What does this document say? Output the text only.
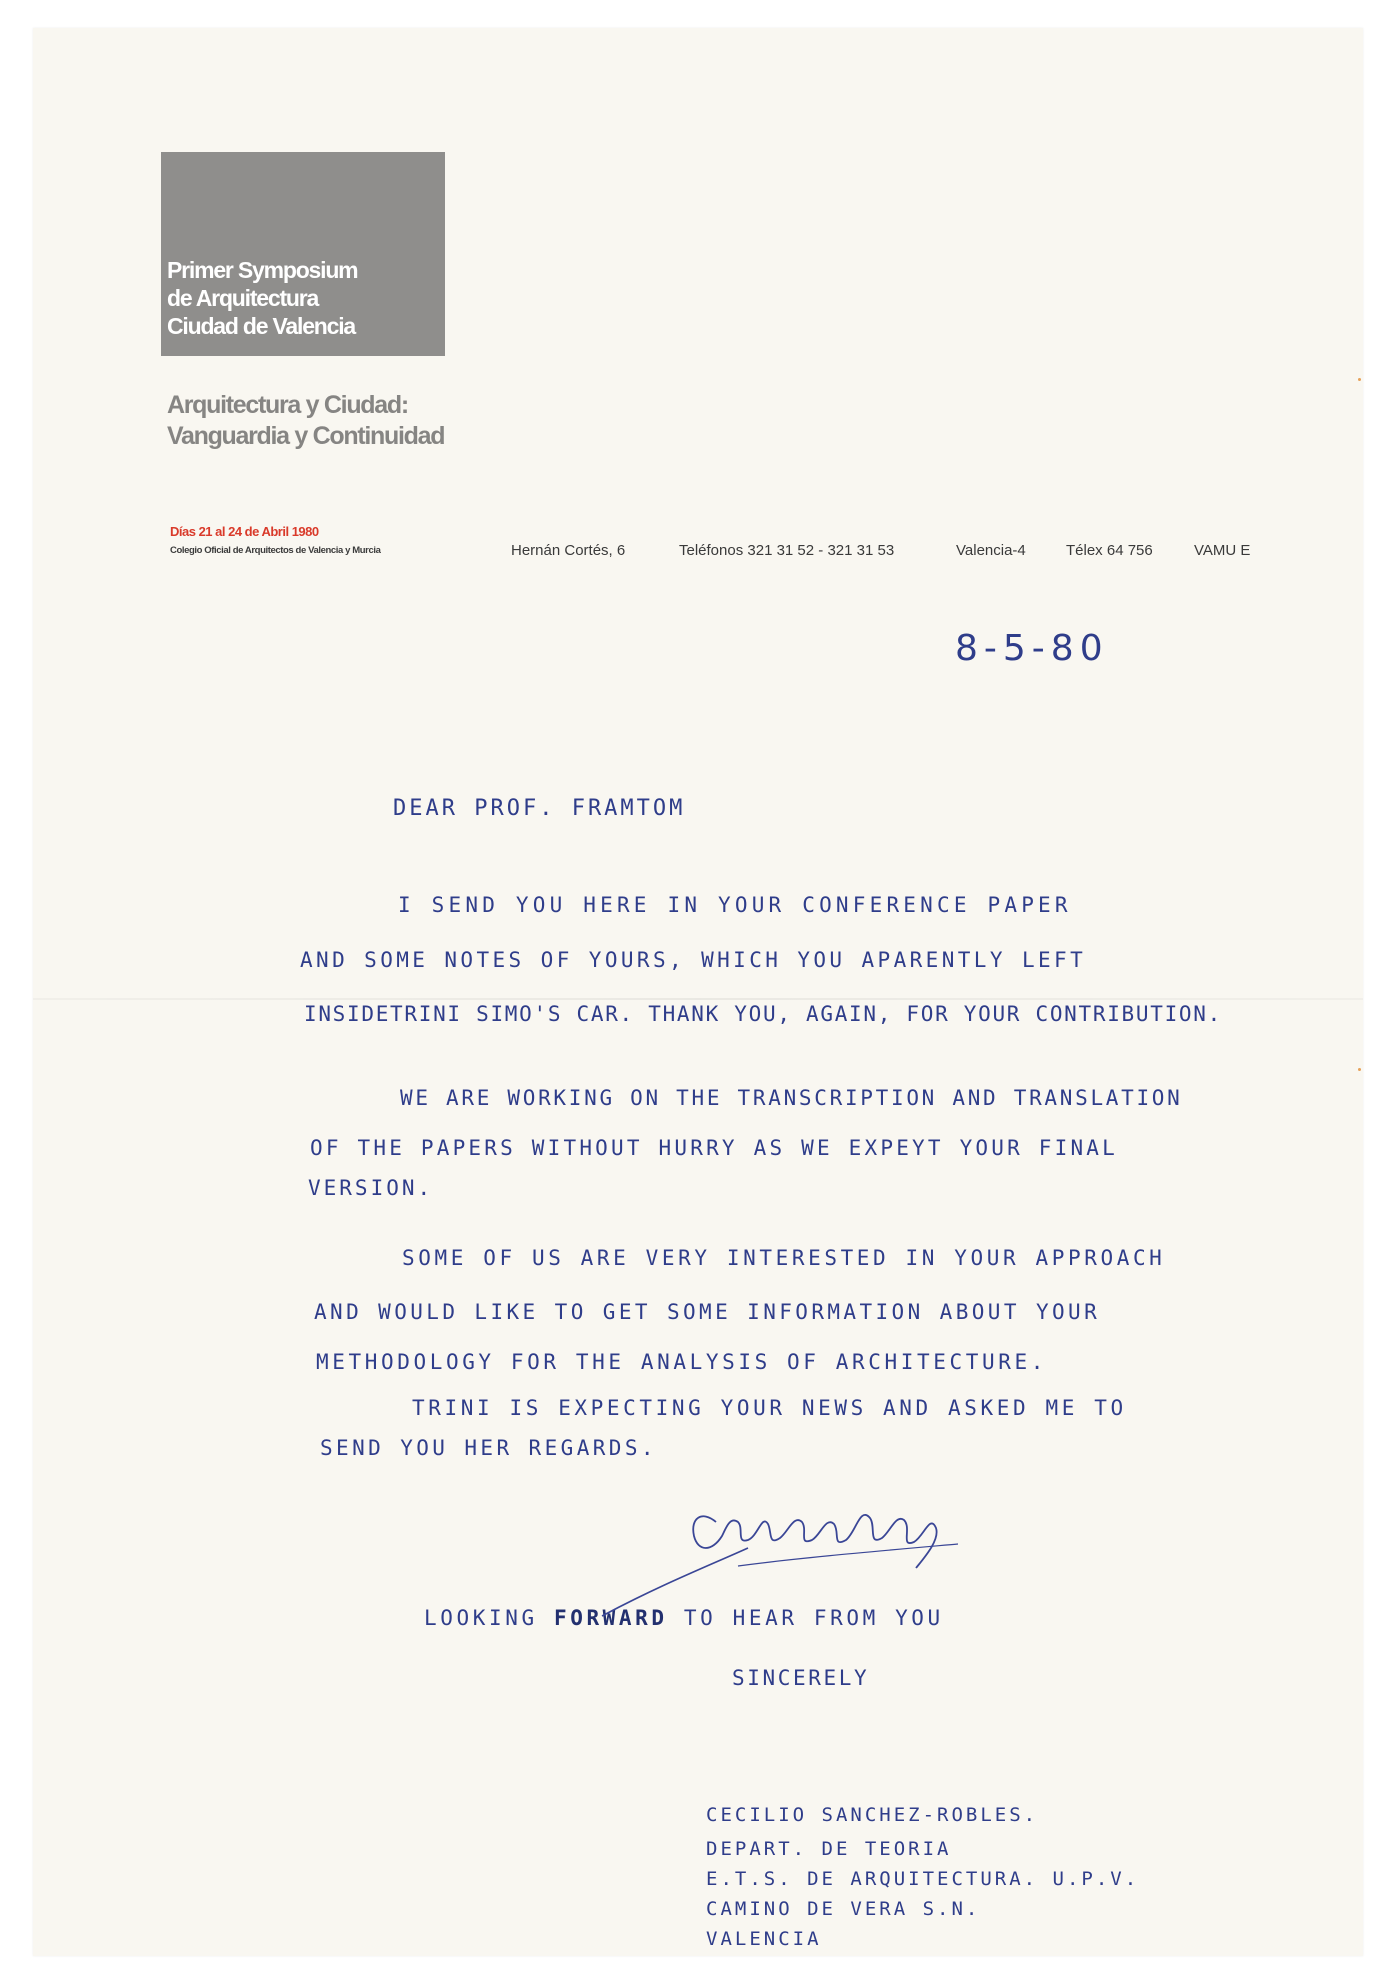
Primer Symposium
de Arquitectura
Ciudad de Valencia
Arquitectura y Ciudad:
Vanguardia y Continuidad
Días 21 al 24 de Abril 1980
Colegio Oficial de Arquitectos de Valencia y Murcia	Hernán Cortés, 6	Teléfonos 321 31 52 - 321 31 53	Valencia-4	Télex 64 756	VAMU E
8-5-80
DEAR PROF. FRAMTOM
I SEND YOU HERE IN YOUR CONFERENCE PAPER
AND SOME NOTES OF YOURS, WHICH YOU APARENTLY LEFT
INSIDETRINI SIMO'S CAR. THANK YOU, AGAIN, FOR YOUR CONTRIBUTION.
WE ARE WORKING ON THE TRANSCRIPTION AND TRANSLATION
OF THE PAPERS WITHOUT HURRY AS WE EXPEYT YOUR FINAL
VERSION.
SOME OF US ARE VERY INTERESTED IN YOUR APPROACH
AND WOULD LIKE TO GET SOME INFORMATION ABOUT YOUR
METHODOLOGY FOR THE ANALYSIS OF ARCHITECTURE.
TRINI IS EXPECTING YOUR NEWS AND ASKED ME TO
SEND YOU HER REGARDS.
LOOKING FORWARD TO HEAR FROM YOU
SINCERELY
CECILIO SANCHEZ-ROBLES.
DEPART. DE TEORIA
E.T.S. DE ARQUITECTURA. U.P.V.
CAMINO DE VERA S.N.
VALENCIA
